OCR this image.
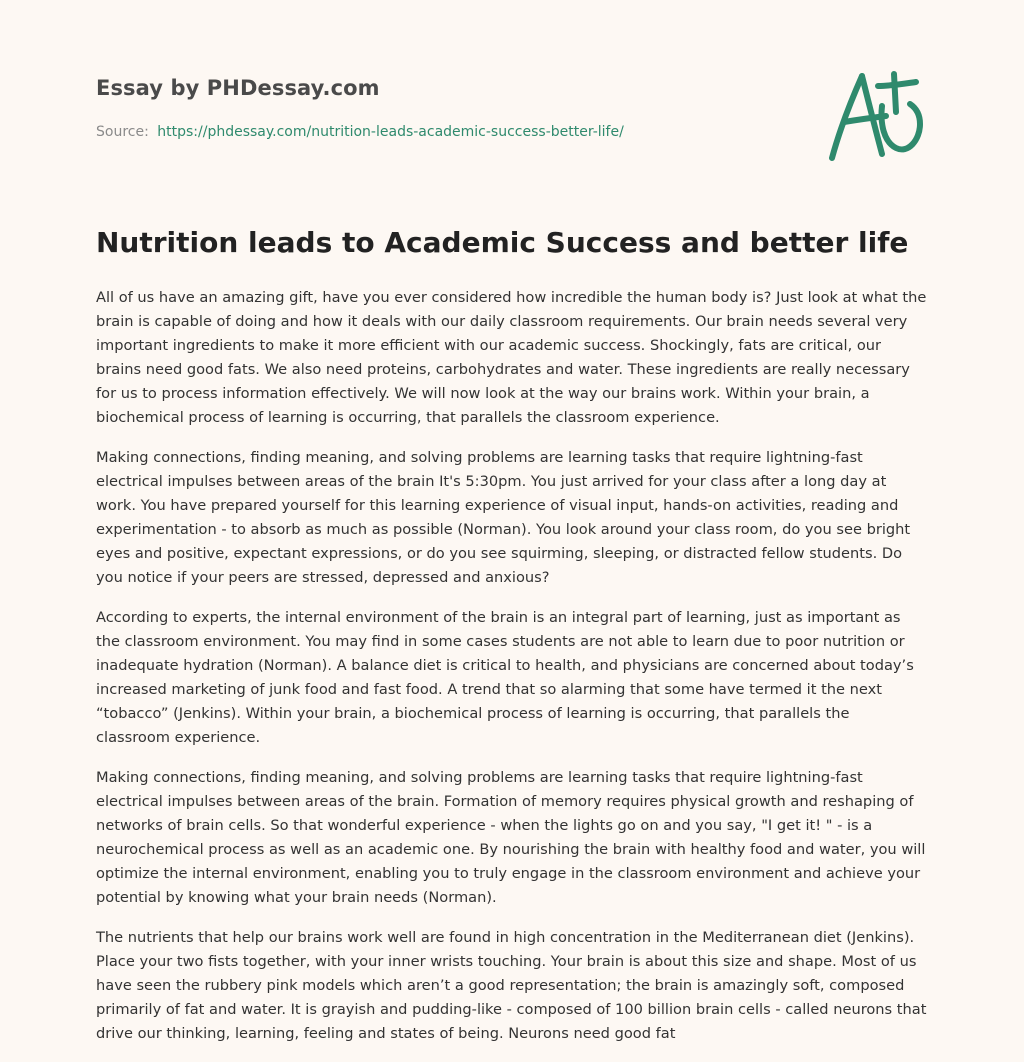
Essay by PHDessay.com
Source: https://phdessay.com/nutrition-leads-academic-success-better-life/
Nutrition leads to Academic Success and better life

All of us have an amazing gift, have you ever considered how incredible the human body is? Just look at what the brain is capable of doing and how it deals with our daily classroom requirements. Our brain needs several very important ingredients to make it more efficient with our academic success. Shockingly, fats are critical, our brains need good fats. We also need proteins, carbohydrates and water. These ingredients are really necessary for us to process information effectively. We will now look at the way our brains work. Within your brain, a biochemical process of learning is occurring, that parallels the classroom experience.

Making connections, finding meaning, and solving problems are learning tasks that require lightning-fast electrical impulses between areas of the brain It's 5:30pm. You just arrived for your class after a long day at work. You have prepared yourself for this learning experience of visual input, hands-on activities, reading and experimentation - to absorb as much as possible (Norman). You look around your class room, do you see bright eyes and positive, expectant expressions, or do you see squirming, sleeping, or distracted fellow students. Do you notice if your peers are stressed, depressed and anxious?

According to experts, the internal environment of the brain is an integral part of learning, just as important as the classroom environment. You may find in some cases students are not able to learn due to poor nutrition or inadequate hydration (Norman). A balance diet is critical to health, and physicians are concerned about today’s increased marketing of junk food and fast food. A trend that so alarming that some have termed it the next “tobacco” (Jenkins). Within your brain, a biochemical process of learning is occurring, that parallels the classroom experience.

Making connections, finding meaning, and solving problems are learning tasks that require lightning-fast electrical impulses between areas of the brain. Formation of memory requires physical growth and reshaping of networks of brain cells. So that wonderful experience - when the lights go on and you say, "I get it! " - is a neurochemical process as well as an academic one. By nourishing the brain with healthy food and water, you will optimize the internal environment, enabling you to truly engage in the classroom environment and achieve your potential by knowing what your brain needs (Norman).

The nutrients that help our brains work well are found in high concentration in the Mediterranean diet (Jenkins). Place your two fists together, with your inner wrists touching. Your brain is about this size and shape. Most of us have seen the rubbery pink models which aren’t a good representation; the brain is amazingly soft, composed primarily of fat and water. It is grayish and pudding-like - composed of 100 billion brain cells - called neurons that drive our thinking, learning, feeling and states of being. Neurons need good fat
